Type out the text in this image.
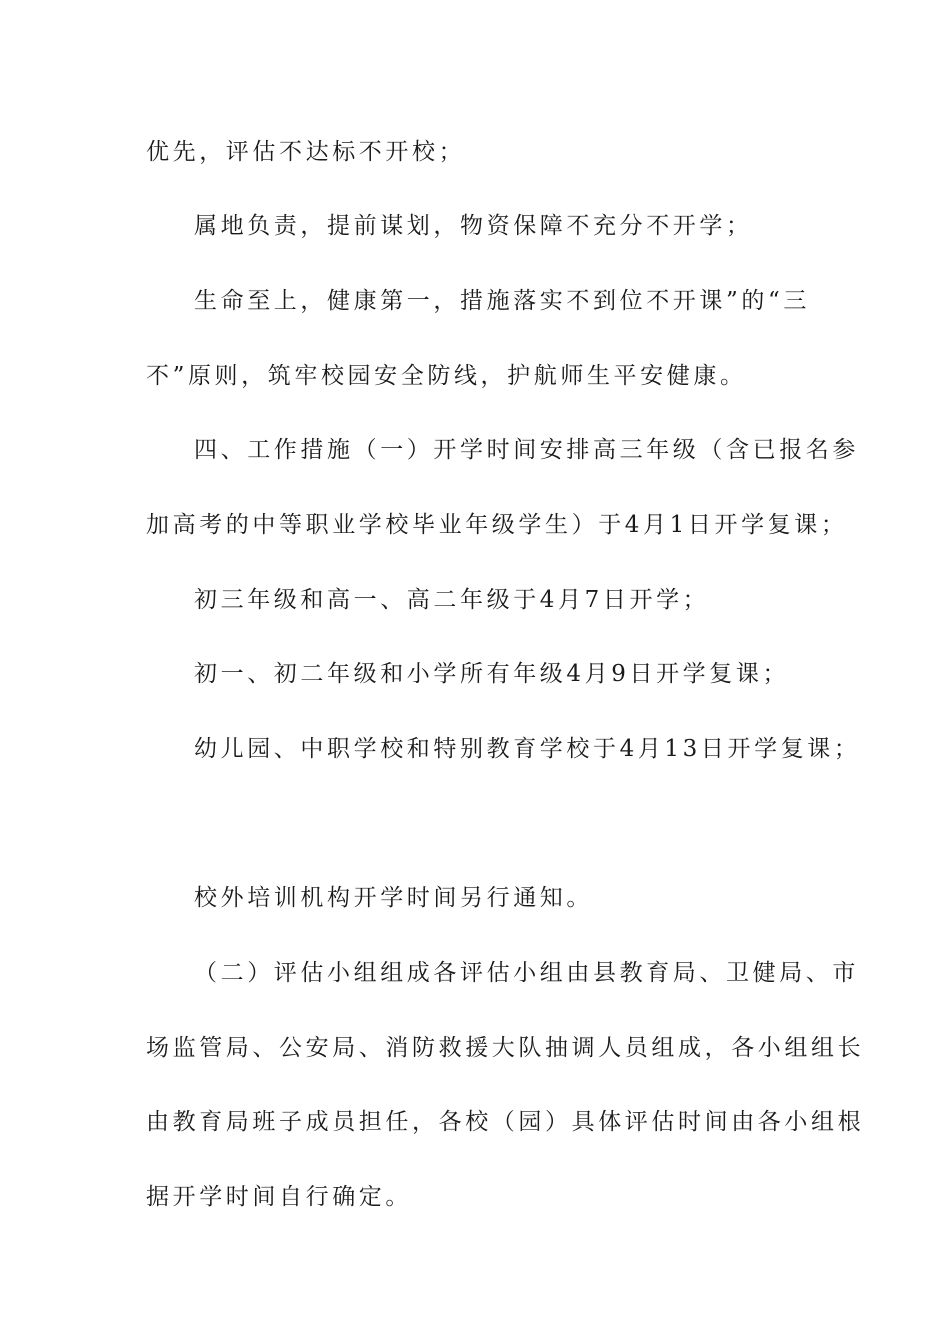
优先，评估不达标不开校；
属地负责，提前谋划，物资保障不充分不开学；
生命至上，健康第一，措施落实不到位不开课”的“三
不”原则，筑牢校园安全防线，护航师生平安健康。
四、工作措施（一）开学时间安排高三年级（含已报名参
加高考的中等职业学校毕业年级学生）于4月1日开学复课；
初三年级和高一、高二年级于4月7日开学；
初一、初二年级和小学所有年级4月9日开学复课；
幼儿园、中职学校和特别教育学校于4月13日开学复课；
校外培训机构开学时间另行通知。
（二）评估小组组成各评估小组由县教育局、卫健局、市
场监管局、公安局、消防救援大队抽调人员组成，各小组组长
由教育局班子成员担任，各校（园）具体评估时间由各小组根
据开学时间自行确定。
